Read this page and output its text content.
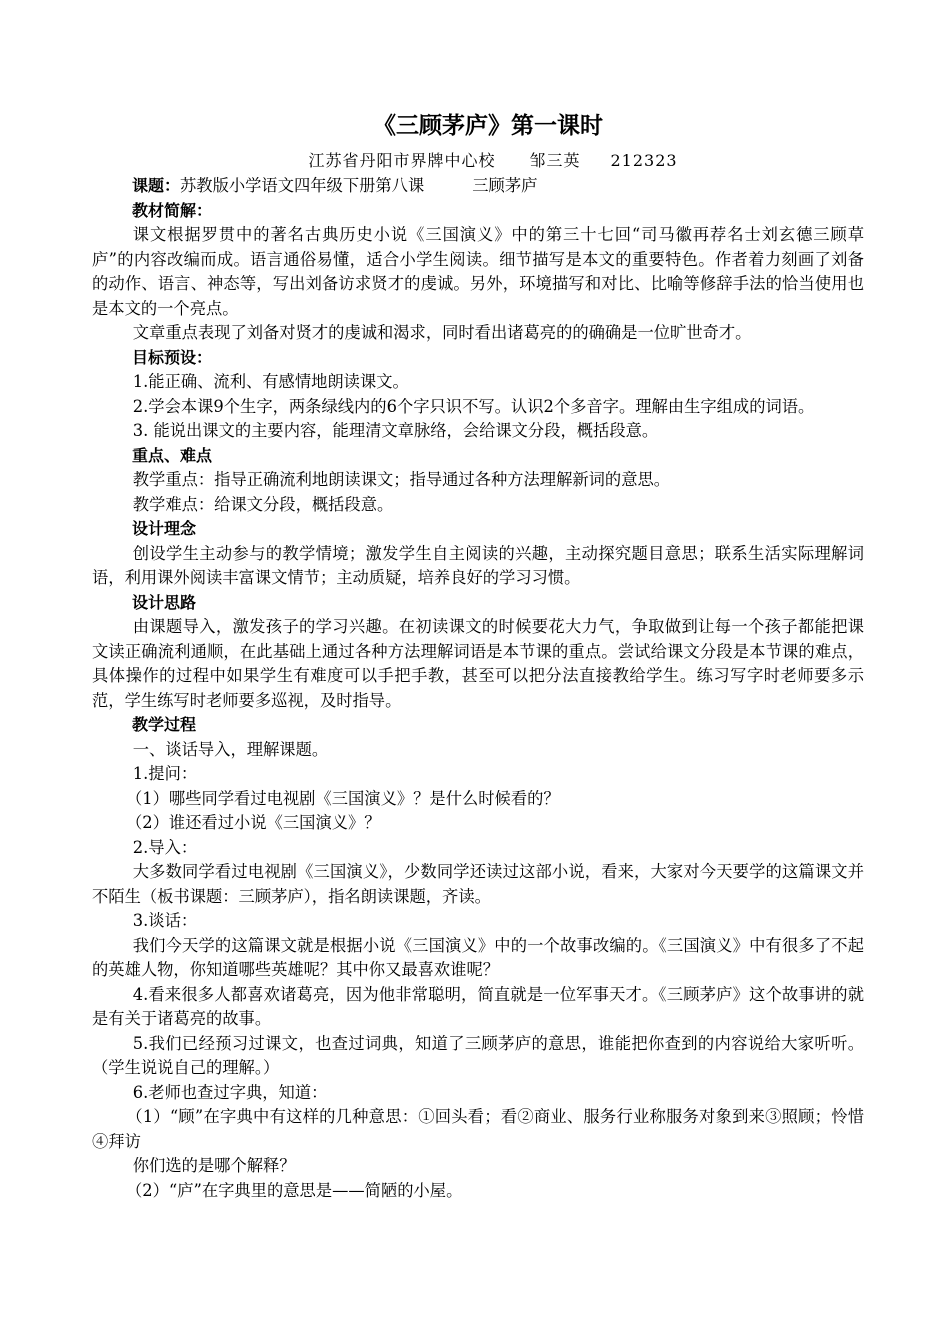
《三顾茅庐》第一课时
江苏省丹阳市界牌中心校 邹三英 212323

课题：苏教版小学语文四年级下册第八课	三顾茅庐

教材简解：

课文根据罗贯中的著名古典历史小说《三国演义》中的第三十七回“司马徽再荐名士刘玄德三顾草庐”的内容改编而成。语言通俗易懂，适合小学生阅读。细节描写是本文的重要特色。作者着力刻画了刘备的动作、语言、神态等，写出刘备访求贤才的虔诚。另外，环境描写和对比、比喻等修辞手法的恰当使用也是本文的一个亮点。

文章重点表现了刘备对贤才的虔诚和渴求，同时看出诸葛亮的的确确是一位旷世奇才。

目标预设：

1.能正确、流利、有感情地朗读课文。

2.学会本课9个生字，两条绿线内的6个字只识不写。认识2个多音字。理解由生字组成的词语。

3. 能说出课文的主要内容，能理清文章脉络，会给课文分段，概括段意。

重点、难点

教学重点：指导正确流利地朗读课文；指导通过各种方法理解新词的意思。

教学难点：给课文分段，概括段意。

设计理念

创设学生主动参与的教学情境；激发学生自主阅读的兴趣，主动探究题目意思；联系生活实际理解词语，利用课外阅读丰富课文情节；主动质疑，培养良好的学习习惯。

设计思路

由课题导入，激发孩子的学习兴趣。在初读课文的时候要花大力气，争取做到让每一个孩子都能把课文读正确流利通顺，在此基础上通过各种方法理解词语是本节课的重点。尝试给课文分段是本节课的难点，具体操作的过程中如果学生有难度可以手把手教，甚至可以把分法直接教给学生。练习写字时老师要多示范，学生练写时老师要多巡视，及时指导。

教学过程

一、谈话导入，理解课题。

1.提问：

（1）哪些同学看过电视剧《三国演义》？是什么时候看的？

（2）谁还看过小说《三国演义》？

2.导入：

大多数同学看过电视剧《三国演义》，少数同学还读过这部小说，看来，大家对今天要学的这篇课文并不陌生（板书课题：三顾茅庐），指名朗读课题，齐读。

3.谈话：

我们今天学的这篇课文就是根据小说《三国演义》中的一个故事改编的。《三国演义》中有很多了不起的英雄人物，你知道哪些英雄呢？其中你又最喜欢谁呢？

4.看来很多人都喜欢诸葛亮，因为他非常聪明，简直就是一位军事天才。《三顾茅庐》这个故事讲的就是有关于诸葛亮的故事。

5.我们已经预习过课文，也查过词典，知道了三顾茅庐的意思，谁能把你查到的内容说给大家听听。（学生说说自己的理解。）

6.老师也查过字典，知道：

（1）“顾”在字典中有这样的几种意思：①回头看；看②商业、服务行业称服务对象到来③照顾；怜惜④拜访

你们选的是哪个解释？

（2）“庐”在字典里的意思是——简陋的小屋。
